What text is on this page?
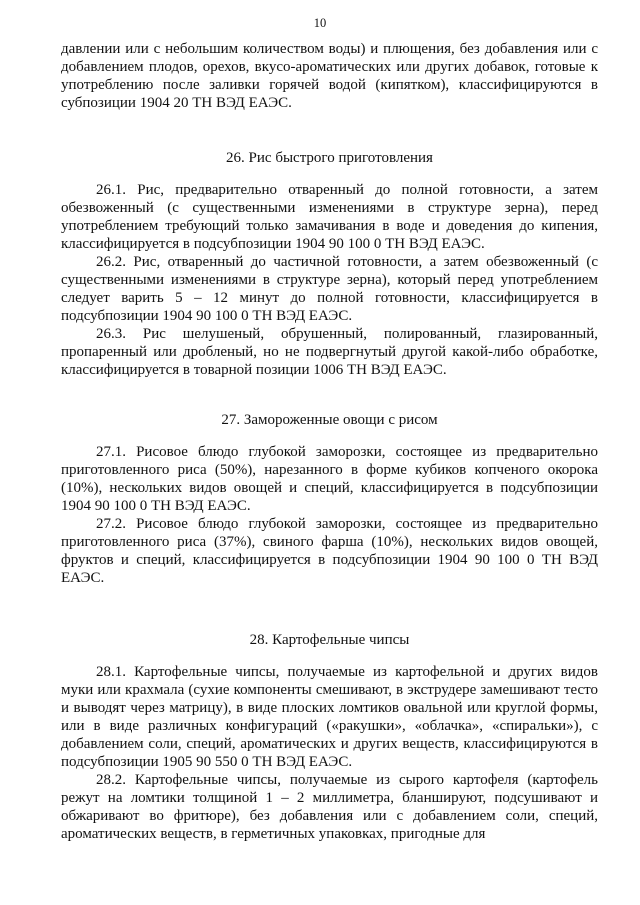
10

давлении или с небольшим количеством воды) и плющения, без добавления или с добавлением плодов, орехов, вкусо-ароматических или других добавок, готовые к употреблению после заливки горячей водой (кипятком), классифицируются в субпозиции 1904 20 ТН ВЭД ЕАЭС.

26. Рис быстрого приготовления

26.1. Рис, предварительно отваренный до полной готовности, а затем обезвоженный (с существенными изменениями в структуре зерна), перед употреблением требующий только замачивания в воде и доведения до кипения, классифицируется в подсубпозиции 1904 90 100 0 ТН ВЭД ЕАЭС.

26.2. Рис, отваренный до частичной готовности, а затем обезвоженный (с существенными изменениями в структуре зерна), который перед употреблением следует варить 5 – 12 минут до полной готовности, классифицируется в подсубпозиции 1904 90 100 0 ТН ВЭД ЕАЭС.

26.3. Рис шелушеный, обрушенный, полированный, глазированный, пропаренный или дробленый, но не подвергнутый другой какой-либо обработке, классифицируется в товарной позиции 1006 ТН ВЭД ЕАЭС.

27. Замороженные овощи с рисом

27.1. Рисовое блюдо глубокой заморозки, состоящее из предварительно приготовленного риса (50%), нарезанного в форме кубиков копченого окорока (10%), нескольких видов овощей и специй, классифицируется в подсубпозиции 1904 90 100 0 ТН ВЭД ЕАЭС.

27.2. Рисовое блюдо глубокой заморозки, состоящее из предварительно приготовленного риса (37%), свиного фарша (10%), нескольких видов овощей, фруктов и специй, классифицируется в подсубпозиции 1904 90 100 0 ТН ВЭД ЕАЭС.

28. Картофельные чипсы

28.1. Картофельные чипсы, получаемые из картофельной и других видов муки или крахмала (сухие компоненты смешивают, в экструдере замешивают тесто и выводят через матрицу), в виде плоских ломтиков овальной или круглой формы, или в виде различных конфигураций («ракушки», «облачка», «спиральки»), с добавлением соли, специй, ароматических и других веществ, классифицируются в подсубпозиции 1905 90 550 0 ТН ВЭД ЕАЭС.

28.2. Картофельные чипсы, получаемые из сырого картофеля (картофель режут на ломтики толщиной 1 – 2 миллиметра, бланшируют, подсушивают и обжаривают во фритюре), без добавления или с добавлением соли, специй, ароматических веществ, в герметичных упаковках, пригодные для
